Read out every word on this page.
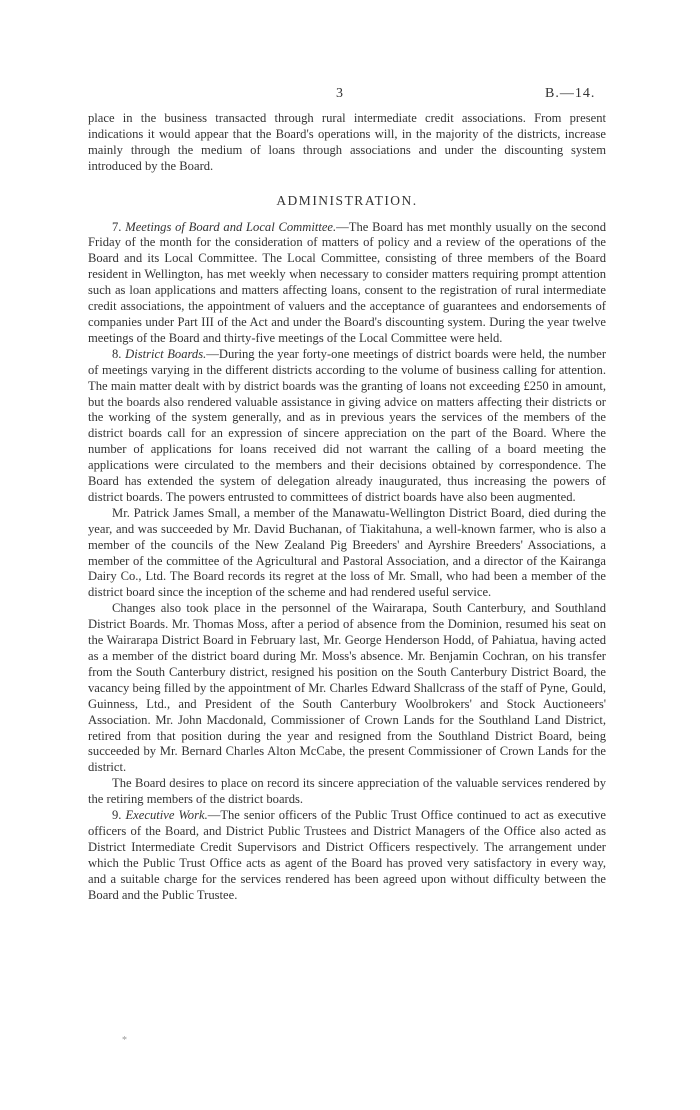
3	B.—14.

place in the business transacted through rural intermediate credit associations. From present indications it would appear that the Board's operations will, in the majority of the districts, increase mainly through the medium of loans through associations and under the discounting system introduced by the Board.

ADMINISTRATION.

7. Meetings of Board and Local Committee.—The Board has met monthly usually on the second Friday of the month for the consideration of matters of policy and a review of the operations of the Board and its Local Committee. The Local Committee, consisting of three members of the Board resident in Wellington, has met weekly when necessary to consider matters requiring prompt attention such as loan applications and matters affecting loans, consent to the registration of rural intermediate credit associations, the appointment of valuers and the acceptance of guarantees and endorsements of companies under Part III of the Act and under the Board's discounting system. During the year twelve meetings of the Board and thirty-five meetings of the Local Committee were held.

8. District Boards.—During the year forty-one meetings of district boards were held, the number of meetings varying in the different districts according to the volume of business calling for attention. The main matter dealt with by district boards was the granting of loans not exceeding £250 in amount, but the boards also rendered valuable assistance in giving advice on matters affecting their districts or the working of the system generally, and as in previous years the services of the members of the district boards call for an expression of sincere appreciation on the part of the Board. Where the number of applications for loans received did not warrant the calling of a board meeting the applications were circulated to the members and their decisions obtained by correspondence. The Board has extended the system of delegation already inaugurated, thus increasing the powers of district boards. The powers entrusted to committees of district boards have also been augmented.

Mr. Patrick James Small, a member of the Manawatu-Wellington District Board, died during the year, and was succeeded by Mr. David Buchanan, of Tiakitahuna, a well-known farmer, who is also a member of the councils of the New Zealand Pig Breeders' and Ayrshire Breeders' Associations, a member of the committee of the Agricultural and Pastoral Association, and a director of the Kairanga Dairy Co., Ltd. The Board records its regret at the loss of Mr. Small, who had been a member of the district board since the inception of the scheme and had rendered useful service.

Changes also took place in the personnel of the Wairarapa, South Canterbury, and Southland District Boards. Mr. Thomas Moss, after a period of absence from the Dominion, resumed his seat on the Wairarapa District Board in February last, Mr. George Henderson Hodd, of Pahiatua, having acted as a member of the district board during Mr. Moss's absence. Mr. Benjamin Cochran, on his transfer from the South Canterbury district, resigned his position on the South Canterbury District Board, the vacancy being filled by the appointment of Mr. Charles Edward Shallcrass of the staff of Pyne, Gould, Guinness, Ltd., and President of the South Canterbury Woolbrokers' and Stock Auctioneers' Association. Mr. John Macdonald, Commissioner of Crown Lands for the Southland Land District, retired from that position during the year and resigned from the Southland District Board, being succeeded by Mr. Bernard Charles Alton McCabe, the present Commissioner of Crown Lands for the district.

The Board desires to place on record its sincere appreciation of the valuable services rendered by the retiring members of the district boards.

9. Executive Work.—The senior officers of the Public Trust Office continued to act as executive officers of the Board, and District Public Trustees and District Managers of the Office also acted as District Intermediate Credit Supervisors and District Officers respectively. The arrangement under which the Public Trust Office acts as agent of the Board has proved very satisfactory in every way, and a suitable charge for the services rendered has been agreed upon without difficulty between the Board and the Public Trustee.

*
